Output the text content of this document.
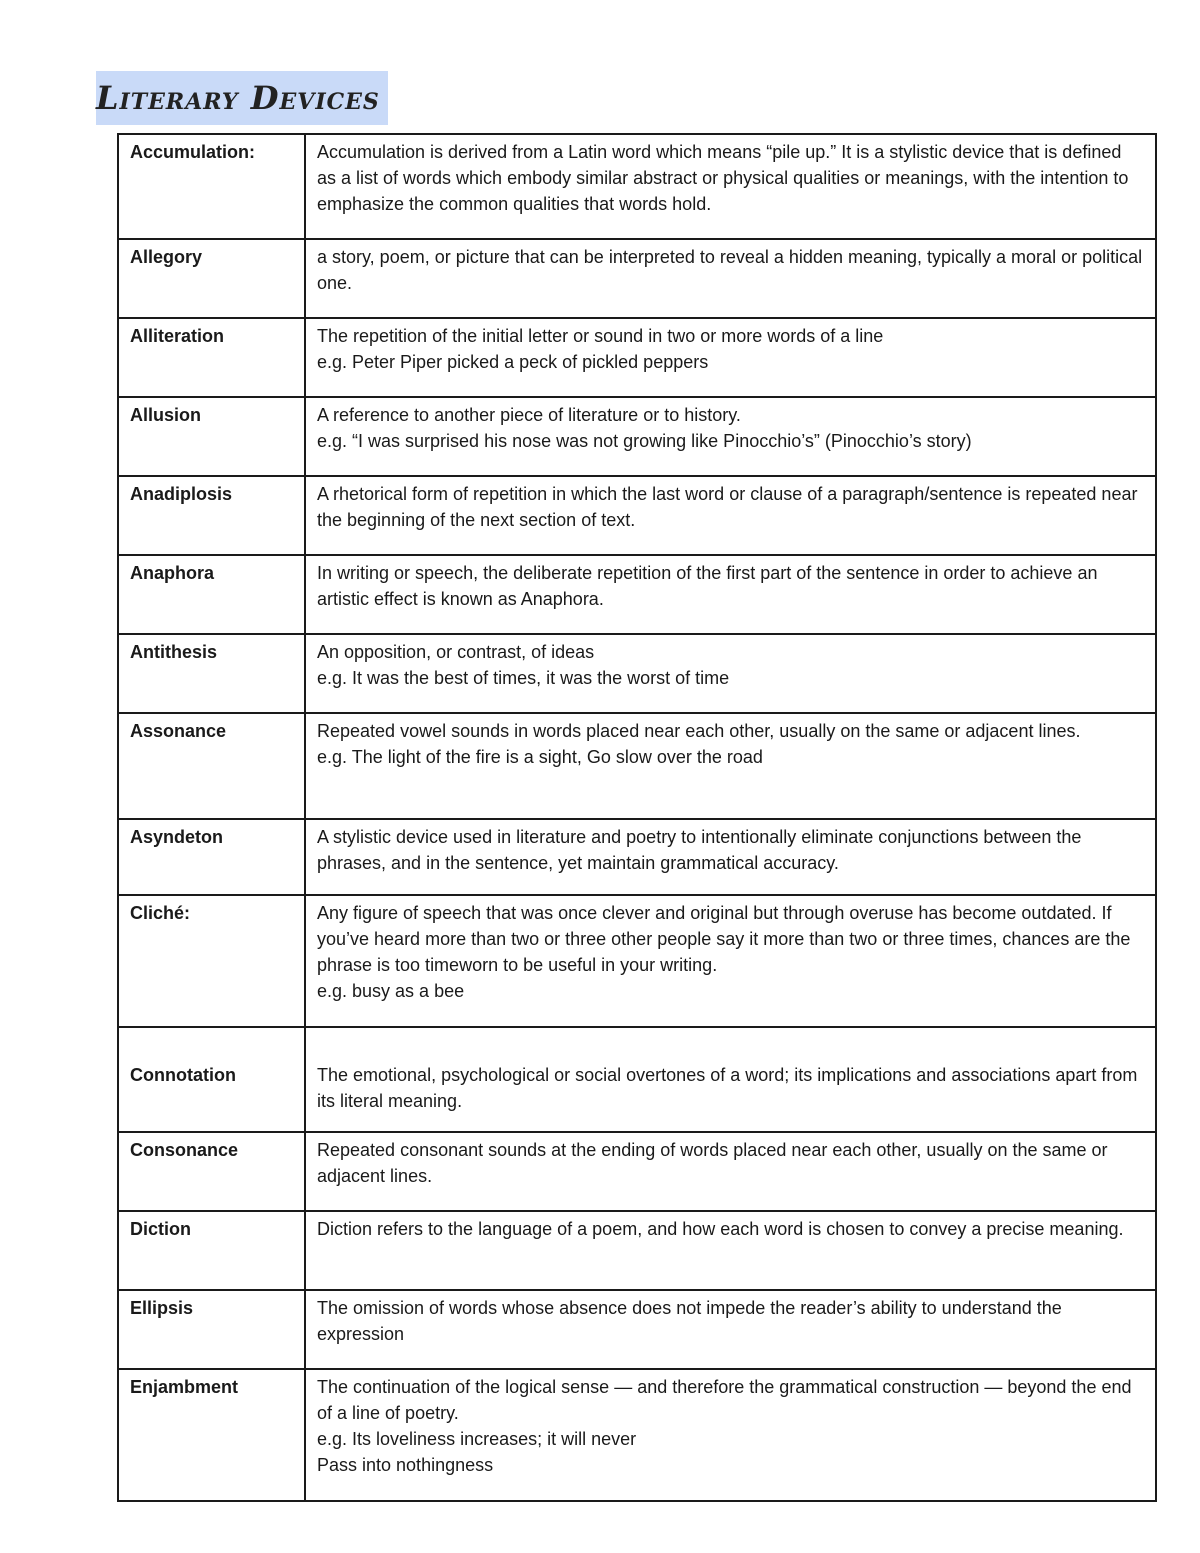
Literary Devices
Accumulation:	Accumulation is derived from a Latin word which means “pile up.” It is a stylistic device that is defined as a list of words which embody similar abstract or physical qualities or meanings, with the intention to emphasize the common qualities that words hold.
Allegory	a story, poem, or picture that can be interpreted to reveal a hidden meaning, typically a moral or political one.
Alliteration	The repetition of the initial letter or sound in two or more words of a line
e.g. Peter Piper picked a peck of pickled peppers
Allusion	A reference to another piece of literature or to history.
e.g. “I was surprised his nose was not growing like Pinocchio’s” (Pinocchio’s story)
Anadiplosis	A rhetorical form of repetition in which the last word or clause of a paragraph/sentence is repeated near the beginning of the next section of text.
Anaphora	In writing or speech, the deliberate repetition of the first part of the sentence in order to achieve an artistic effect is known as Anaphora.
Antithesis	An opposition, or contrast, of ideas
e.g. It was the best of times, it was the worst of time
Assonance	Repeated vowel sounds in words placed near each other, usually on the same or adjacent lines.
e.g. The light of the fire is a sight, Go slow over the road
Asyndeton	A stylistic device used in literature and poetry to intentionally eliminate conjunctions between the phrases, and in the sentence, yet maintain grammatical accuracy.
Cliché:	Any figure of speech that was once clever and original but through overuse has become outdated. If you’ve heard more than two or three other people say it more than two or three times, chances are the phrase is too timeworn to be useful in your writing.
e.g. busy as a bee
Connotation	The emotional, psychological or social overtones of a word; its implications and associations apart from its literal meaning.
Consonance	Repeated consonant sounds at the ending of words placed near each other, usually on the same or adjacent lines.
Diction	Diction refers to the language of a poem, and how each word is chosen to convey a precise meaning.
Ellipsis	The omission of words whose absence does not impede the reader’s ability to understand the expression
Enjambment	The continuation of the logical sense — and therefore the grammatical construction — beyond the end of a line of poetry.
e.g. Its loveliness increases; it will never
Pass into nothingness
